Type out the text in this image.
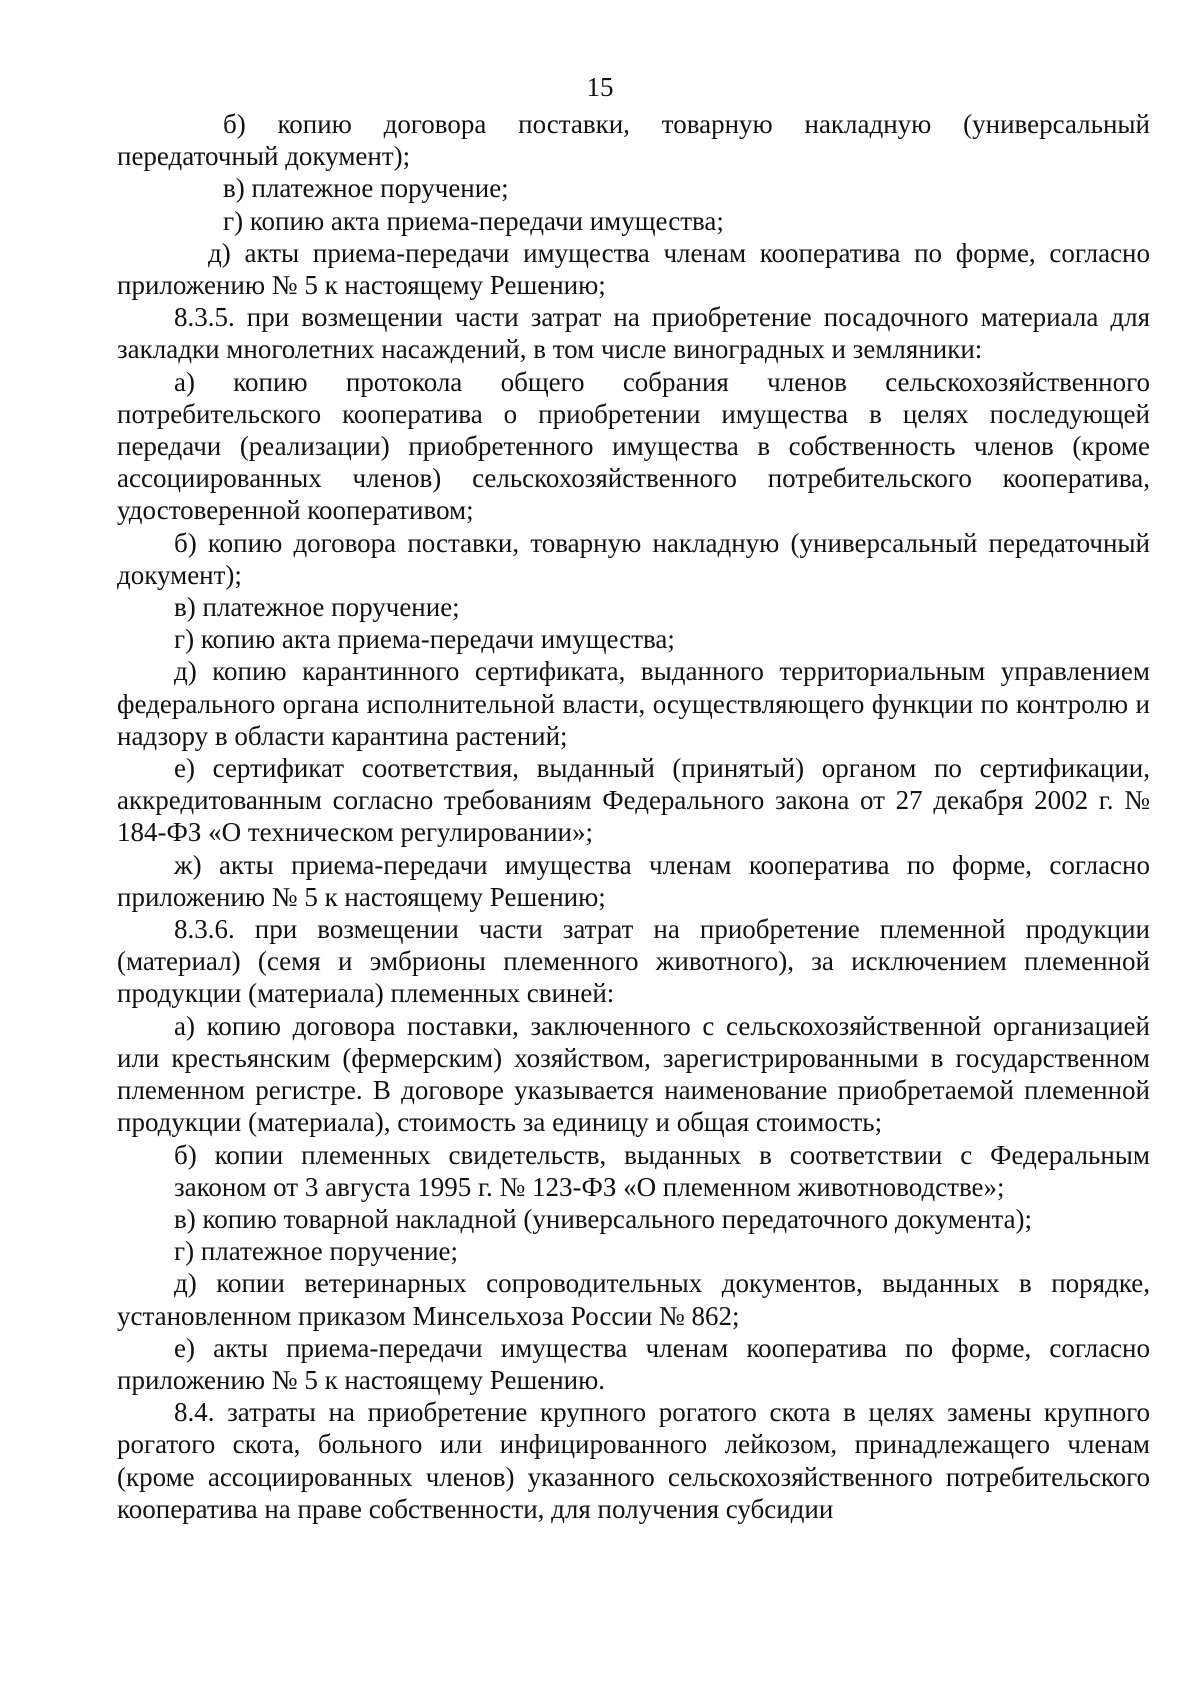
15

б) копию договора поставки, товарную накладную (универсальный передаточный документ);

в) платежное поручение;

г) копию акта приема-передачи имущества;

д) акты приема-передачи имущества членам кооператива по форме, согласно приложению № 5 к настоящему Решению;

8.3.5. при возмещении части затрат на приобретение посадочного материала для закладки многолетних насаждений, в том числе виноградных и земляники:

а) копию протокола общего собрания членов сельскохозяйственного потребительского кооператива о приобретении имущества в целях последующей передачи (реализации) приобретенного имущества в собственность членов (кроме ассоциированных членов) сельскохозяйственного потребительского кооператива, удостоверенной кооперативом;

б) копию договора поставки, товарную накладную (универсальный передаточный документ);

в) платежное поручение;

г) копию акта приема-передачи имущества;

д) копию карантинного сертификата, выданного территориальным управлением федерального органа исполнительной власти, осуществляющего функции по контролю и надзору в области карантина растений;

е) сертификат соответствия, выданный (принятый) органом по сертификации, аккредитованным согласно требованиям Федерального закона от 27 декабря 2002 г. № 184-ФЗ «О техническом регулировании»;

ж) акты приема-передачи имущества членам кооператива по форме, согласно приложению № 5 к настоящему Решению;

8.3.6. при возмещении части затрат на приобретение племенной продукции (материал) (семя и эмбрионы племенного животного), за исключением племенной продукции (материала) племенных свиней:

а) копию договора поставки, заключенного с сельскохозяйственной организацией или крестьянским (фермерским) хозяйством, зарегистрированными в государственном племенном регистре. В договоре указывается наименование приобретаемой племенной продукции (материала), стоимость за единицу и общая стоимость;

б) копии племенных свидетельств, выданных в соответствии с Федеральным законом от 3 августа 1995 г. № 123-ФЗ «О племенном животноводстве»;

в) копию товарной накладной (универсального передаточного документа);

г) платежное поручение;

д) копии ветеринарных сопроводительных документов, выданных в порядке, установленном приказом Минсельхоза России № 862;

е) акты приема-передачи имущества членам кооператива по форме, согласно приложению № 5 к настоящему Решению.

8.4. затраты на приобретение крупного рогатого скота в целях замены крупного рогатого скота, больного или инфицированного лейкозом, принадлежащего членам (кроме ассоциированных членов) указанного сельскохозяйственного потребительского кооператива на праве собственности, для получения субсидии
